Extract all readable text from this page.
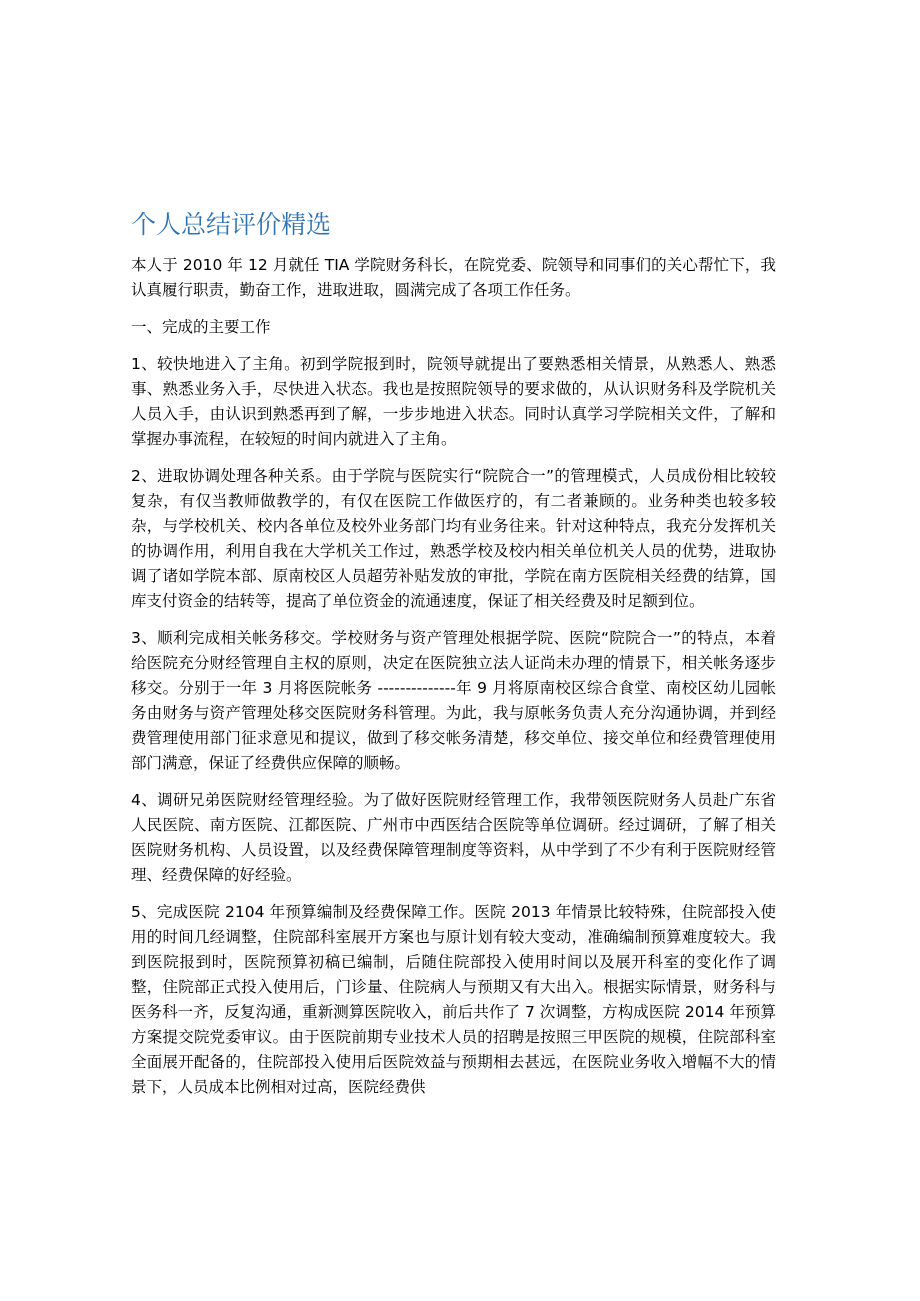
个人总结评价精选

本人于 2010 年 12 月就任 TIA 学院财务科长，在院党委、院领导和同事们的关心帮忙下，我认真履行职责，勤奋工作，进取进取，圆满完成了各项工作任务。

一、完成的主要工作

1、较快地进入了主角。初到学院报到时，院领导就提出了要熟悉相关情景，从熟悉人、熟悉事、熟悉业务入手，尽快进入状态。我也是按照院领导的要求做的，从认识财务科及学院机关人员入手，由认识到熟悉再到了解，一步步地进入状态。同时认真学习学院相关文件，了解和掌握办事流程，在较短的时间内就进入了主角。

2、进取协调处理各种关系。由于学院与医院实行“院院合一”的管理模式，人员成份相比较较复杂，有仅当教师做教学的，有仅在医院工作做医疗的，有二者兼顾的。业务种类也较多较杂，与学校机关、校内各单位及校外业务部门均有业务往来。针对这种特点，我充分发挥机关的协调作用，利用自我在大学机关工作过，熟悉学校及校内相关单位机关人员的优势，进取协调了诸如学院本部、原南校区人员超劳补贴发放的审批，学院在南方医院相关经费的结算，国库支付资金的结转等，提高了单位资金的流通速度，保证了相关经费及时足额到位。

3、顺利完成相关帐务移交。学校财务与资产管理处根据学院、医院“院院合一”的特点，本着给医院充分财经管理自主权的原则，决定在医院独立法人证尚未办理的情景下，相关帐务逐步移交。分别于一年 3 月将医院帐务 --------------年 9 月将原南校区综合食堂、南校区幼儿园帐务由财务与资产管理处移交医院财务科管理。为此，我与原帐务负责人充分沟通协调，并到经费管理使用部门征求意见和提议，做到了移交帐务清楚，移交单位、接交单位和经费管理使用部门满意，保证了经费供应保障的顺畅。

4、调研兄弟医院财经管理经验。为了做好医院财经管理工作，我带领医院财务人员赴广东省人民医院、南方医院、江都医院、广州市中西医结合医院等单位调研。经过调研，了解了相关医院财务机构、人员设置，以及经费保障管理制度等资料，从中学到了不少有利于医院财经管理、经费保障的好经验。

5、完成医院 2104 年预算编制及经费保障工作。医院 2013 年情景比较特殊，住院部投入使用的时间几经调整，住院部科室展开方案也与原计划有较大变动，准确编制预算难度较大。我到医院报到时，医院预算初稿已编制，后随住院部投入使用时间以及展开科室的变化作了调整，住院部正式投入使用后，门诊量、住院病人与预期又有大出入。根据实际情景，财务科与医务科一齐，反复沟通，重新测算医院收入，前后共作了 7 次调整，方构成医院 2014 年预算方案提交院党委审议。由于医院前期专业技术人员的招聘是按照三甲医院的规模，住院部科室全面展开配备的，住院部投入使用后医院效益与预期相去甚远，在医院业务收入增幅不大的情景下，人员成本比例相对过高，医院经费供
